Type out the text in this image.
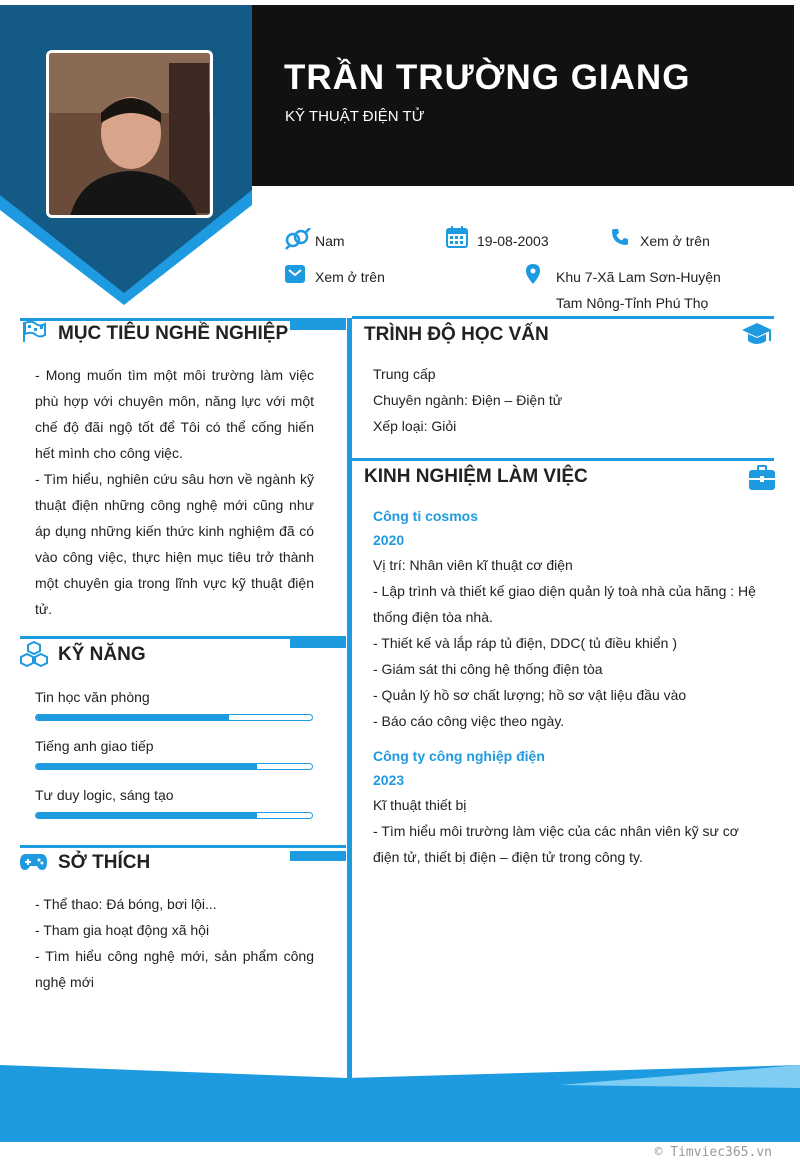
TRẦN TRƯỜNG GIANG
KỸ THUẬT ĐIỆN TỬ
Nam	19-08-2003	Xem ở trên
Xem ở trên	Khu 7-Xã Lam Sơn-Huyện
Tam Nông-Tỉnh Phú Thọ
MỤC TIÊU NGHỀ NGHIỆP

- Mong muốn tìm một môi trường làm việc phù hợp với chuyên môn, năng lực với một chế độ đãi ngộ tốt để Tôi có thể cống hiến hết mình cho công việc.

- Tìm hiểu, nghiên cứu sâu hơn về ngành kỹ thuật điện những công nghệ mới cũng như áp dụng những kiến thức kinh nghiệm đã có vào công việc, thực hiện mục tiêu trở thành một chuyên gia trong lĩnh vực kỹ thuật điện tử.

KỸ NĂNG
Tin học văn phòng
Tiếng anh giao tiếp
Tư duy logic, sáng tạo
SỞ THÍCH

- Thể thao: Đá bóng, bơi lội...

- Tham gia hoạt động xã hội

- Tìm hiểu công nghệ mới, sản phẩm công nghệ mới

TRÌNH ĐỘ HỌC VẤN
Trung cấp
Chuyên ngành: Điện – Điện tử
Xếp loại: Giỏi
KINH NGHIỆM LÀM VIỆC
Công ti cosmos
2020
Vị trí: Nhân viên kĩ thuật cơ điện
- Lập trình và thiết kế giao diện quản lý toà nhà của hãng : Hệ thống điện tòa nhà.
- Thiết kế và lắp ráp tủ điện, DDC( tủ điều khiển )
- Giám sát thi công hệ thống điện tòa
- Quản lý hồ sơ chất lượng; hồ sơ vật liệu đầu vào
- Báo cáo công việc theo ngày.
Công ty công nghiệp điện
2023
Kĩ thuật thiết bị
- Tìm hiểu môi trường làm việc của các nhân viên kỹ sư cơ điện tử, thiết bị điện – điện tử trong công ty.
© Timviec365.vn
